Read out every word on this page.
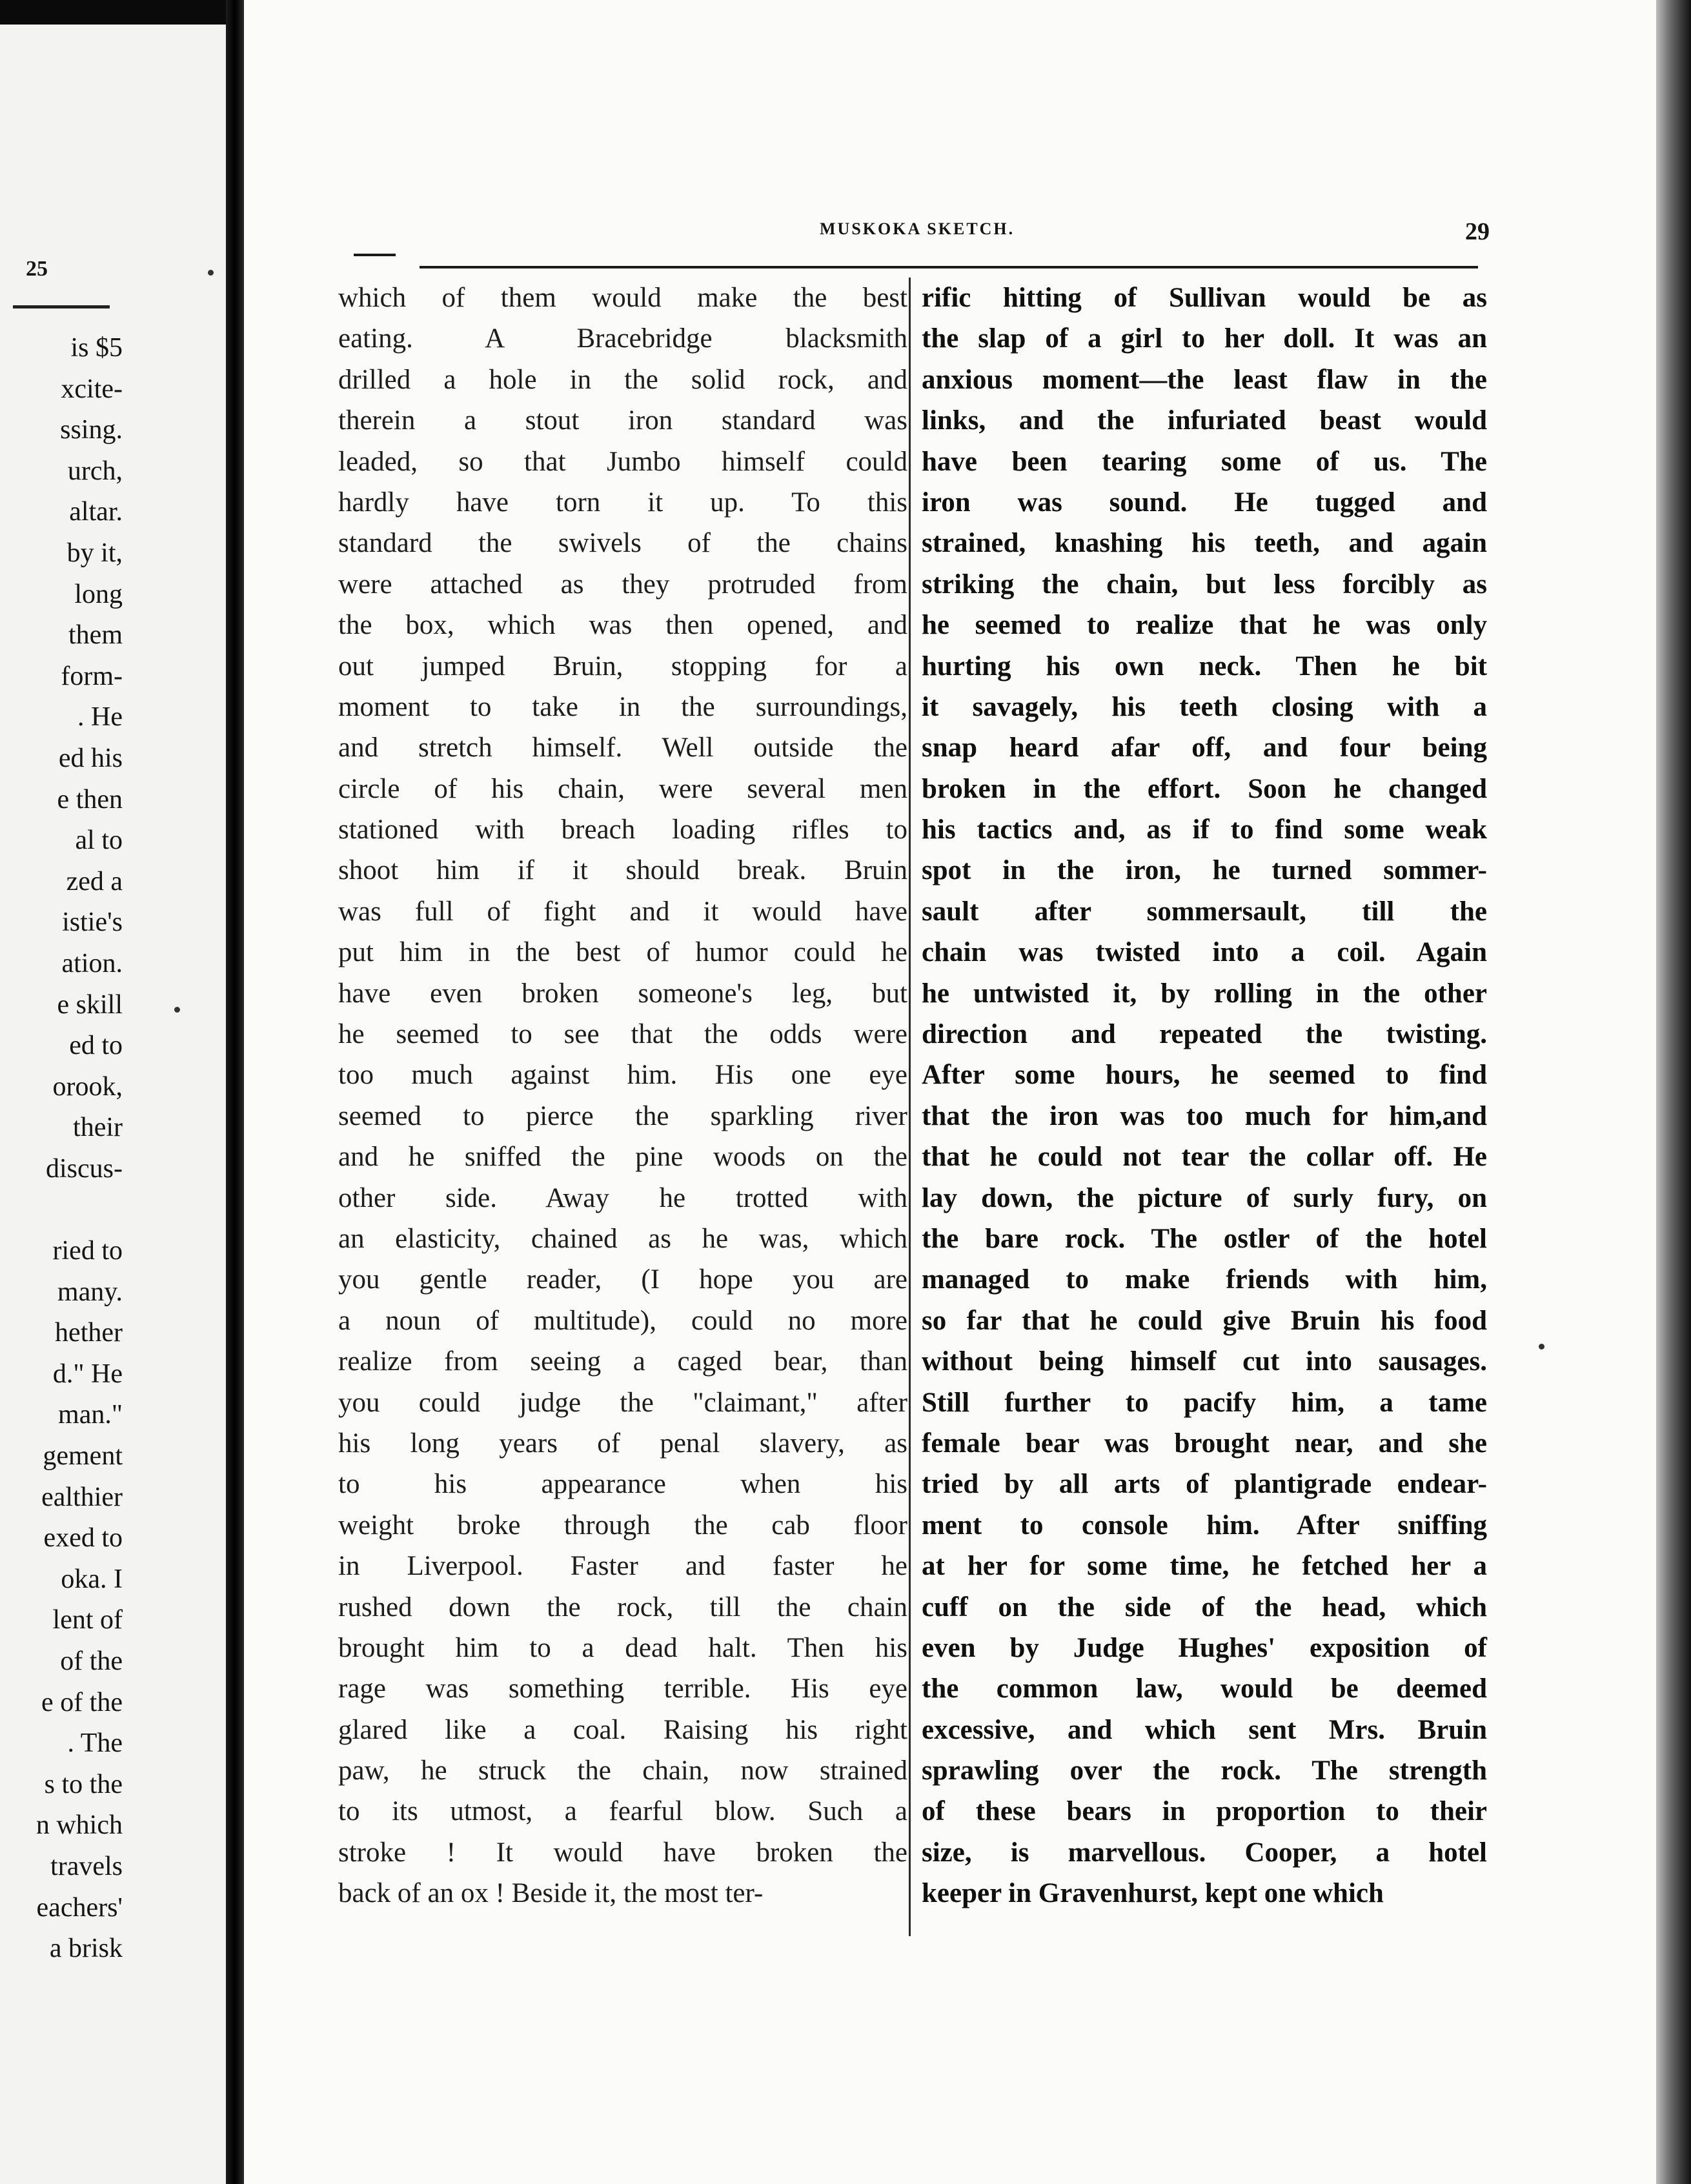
25
is $5
xcite-
ssing.
urch,
altar.
by it,
long
them
form-
. He
ed his
e then
al to
zed a
istie's
ation.
e skill
ed to
orook,
their
discus-

ried to
many.
hether
d." He
man."
gement
ealthier
exed to
oka. I
lent of
of the
e of the
. The
s to the
n which
travels
eachers'
a brisk
MUSKOKA SKETCH.	29
which of them would make the best
eating. A Bracebridge blacksmith
drilled a hole in the solid rock, and
therein a stout iron standard was
leaded, so that Jumbo himself could
hardly have torn it up. To this
standard the swivels of the chains
were attached as they protruded from
the box, which was then opened, and
out jumped Bruin, stopping for a
moment to take in the surroundings,
and stretch himself. Well outside the
circle of his chain, were several men
stationed with breach loading rifles to
shoot him if it should break. Bruin
was full of fight and it would have
put him in the best of humor could he
have even broken someone's leg, but
he seemed to see that the odds were
too much against him. His one eye
seemed to pierce the sparkling river
and he sniffed the pine woods on the
other side. Away he trotted with
an elasticity, chained as he was, which
you gentle reader, (I hope you are
a noun of multitude), could no more
realize from seeing a caged bear, than
you could judge the "claimant," after
his long years of penal slavery, as
to his appearance when his
weight broke through the cab floor
in Liverpool. Faster and faster he
rushed down the rock, till the chain
brought him to a dead halt. Then his
rage was something terrible. His eye
glared like a coal. Raising his right
paw, he struck the chain, now strained
to its utmost, a fearful blow. Such a
stroke ! It would have broken the
back of an ox ! Beside it, the most ter-
rific hitting of Sullivan would be as
the slap of a girl to her doll. It was an
anxious moment—the least flaw in the
links, and the infuriated beast would
have been tearing some of us. The
iron was sound. He tugged and
strained, knashing his teeth, and again
striking the chain, but less forcibly as
he seemed to realize that he was only
hurting his own neck. Then he bit
it savagely, his teeth closing with a
snap heard afar off, and four being
broken in the effort. Soon he changed
his tactics and, as if to find some weak
spot in the iron, he turned sommer-
sault after sommersault, till the
chain was twisted into a coil. Again
he untwisted it, by rolling in the other
direction and repeated the twisting.
After some hours, he seemed to find
that the iron was too much for him,and
that he could not tear the collar off. He
lay down, the picture of surly fury, on
the bare rock. The ostler of the hotel
managed to make friends with him,
so far that he could give Bruin his food
without being himself cut into sausages.
Still further to pacify him, a tame
female bear was brought near, and she
tried by all arts of plantigrade endear-
ment to console him. After sniffing
at her for some time, he fetched her a
cuff on the side of the head, which
even by Judge Hughes' exposition of
the common law, would be deemed
excessive, and which sent Mrs. Bruin
sprawling over the rock. The strength
of these bears in proportion to their
size, is marvellous. Cooper, a hotel
keeper in Gravenhurst, kept one which
